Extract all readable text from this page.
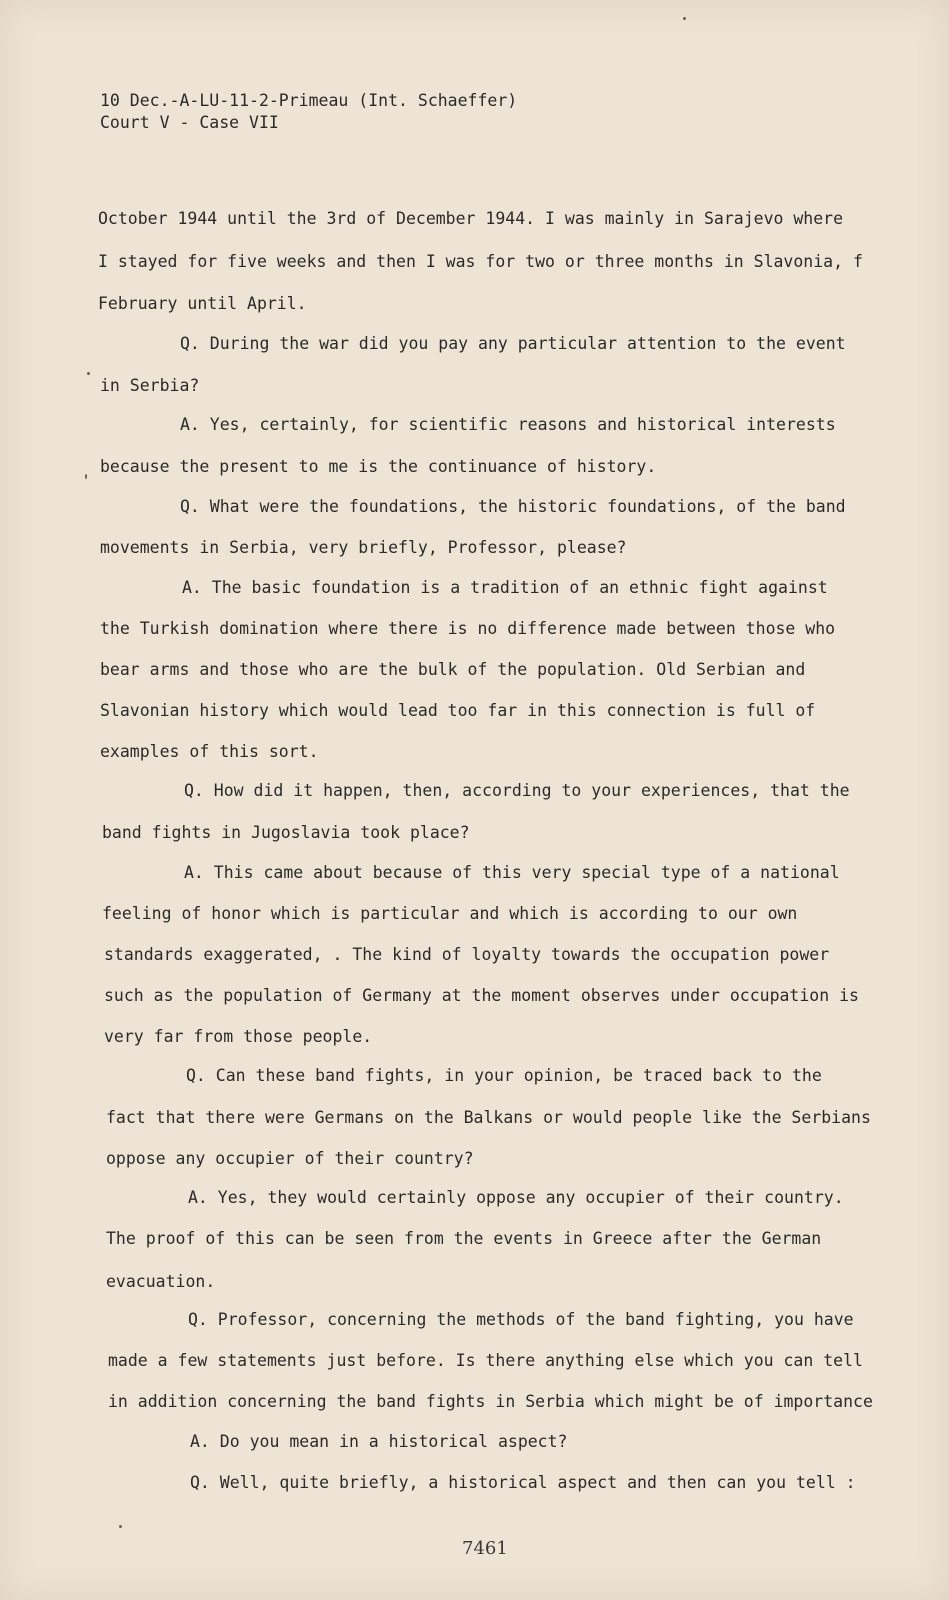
10 Dec.-A-LU-11-2-Primeau (Int. Schaeffer)
Court V - Case VII
October 1944 until the 3rd of December 1944. I was mainly in Sarajevo where
I stayed for five weeks and then I was for two or three months in Slavonia, f
February until April.
Q. During the war did you pay any particular attention to the event
in Serbia?
A. Yes, certainly, for scientific reasons and historical interests
because the present to me is the continuance of history.
Q. What were the foundations, the historic foundations, of the band
movements in Serbia, very briefly, Professor, please?
A. The basic foundation is a tradition of an ethnic fight against
the Turkish domination where there is no difference made between those who
bear arms and those who are the bulk of the population. Old Serbian and
Slavonian history which would lead too far in this connection is full of
examples of this sort.
Q. How did it happen, then, according to your experiences, that the
band fights in Jugoslavia took place?
A. This came about because of this very special type of a national
feeling of honor which is particular and which is according to our own
standards exaggerated, . The kind of loyalty towards the occupation power
such as the population of Germany at the moment observes under occupation is
very far from those people.
Q. Can these band fights, in your opinion, be traced back to the
fact that there were Germans on the Balkans or would people like the Serbians
oppose any occupier of their country?
A. Yes, they would certainly oppose any occupier of their country.
The proof of this can be seen from the events in Greece after the German
evacuation.
Q. Professor, concerning the methods of the band fighting, you have
made a few statements just before. Is there anything else which you can tell
in addition concerning the band fights in Serbia which might be of importance
A. Do you mean in a historical aspect?
Q. Well, quite briefly, a historical aspect and then can you tell :
7461
